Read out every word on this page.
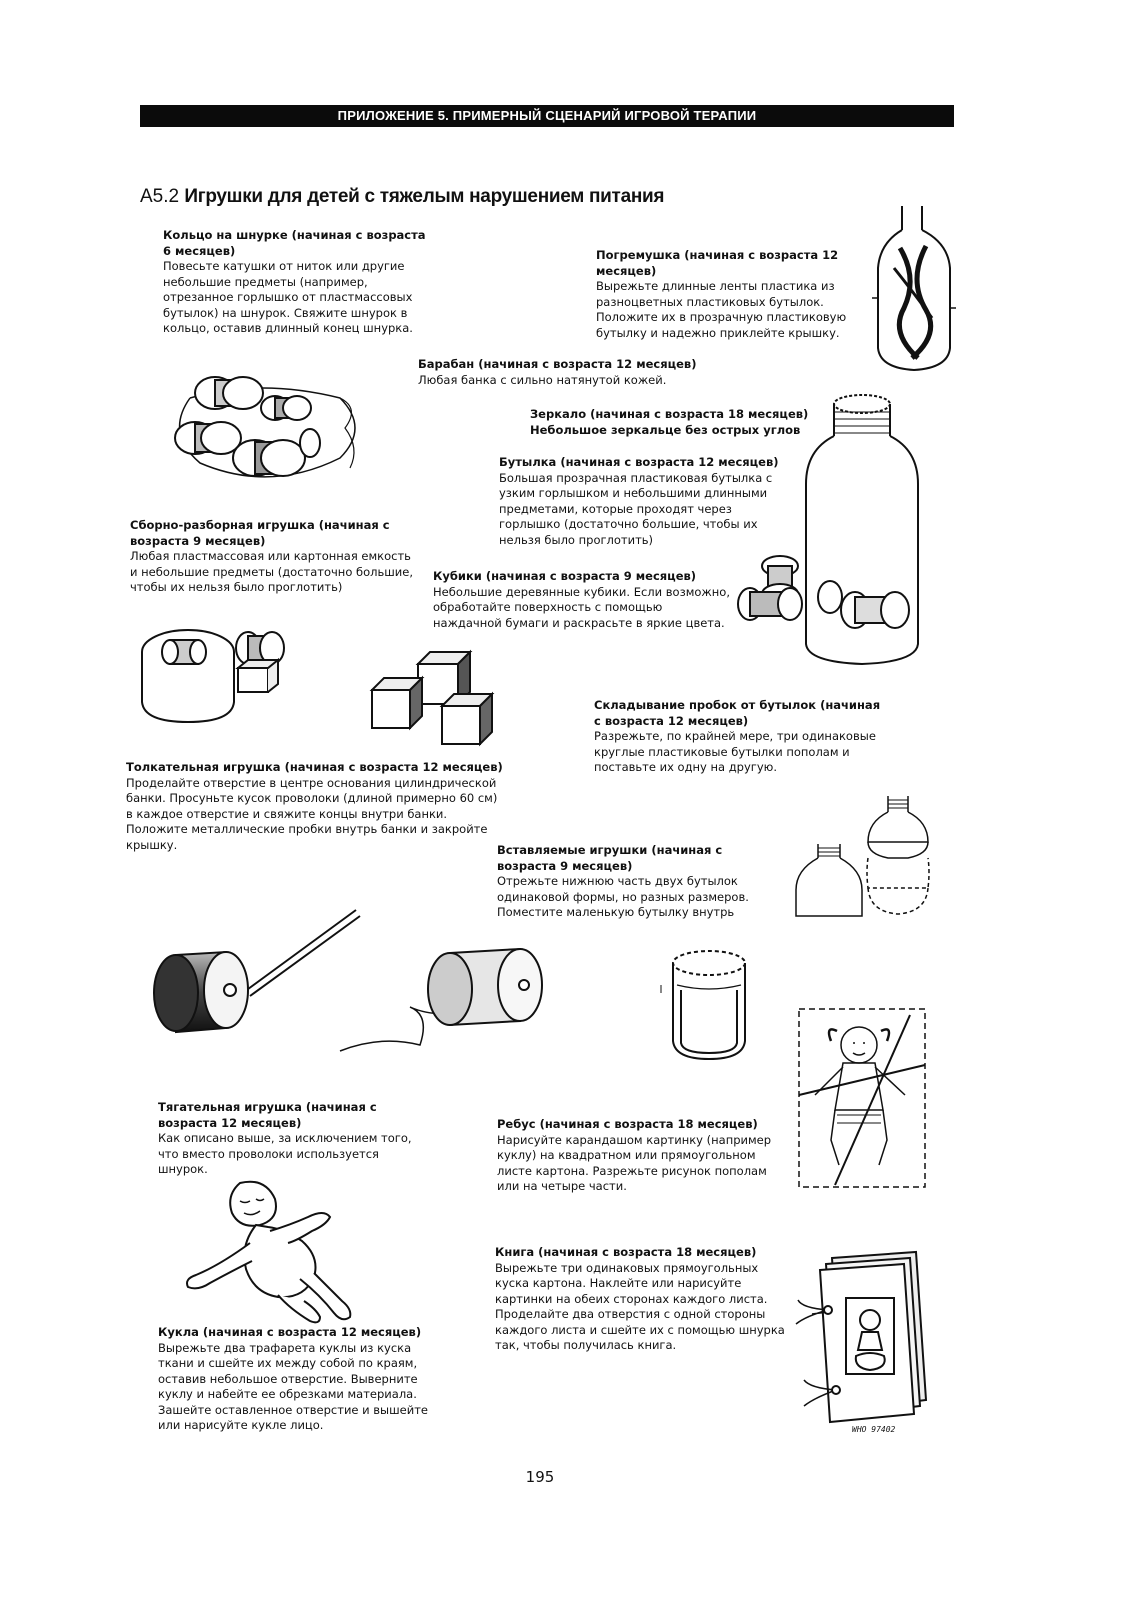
ПРИЛОЖЕНИЕ 5. ПРИМЕРНЫЙ СЦЕНАРИЙ ИГРОВОЙ ТЕРАПИИ
А5.2 Игрушки для детей с тяжелым нарушением питания
Кольцо на шнурке (начиная с возраста 6 месяцев)
Повесьте катушки от ниток или другие небольшие предметы (например, отрезанное горлышко от пластмассовых бутылок) на шнурок. Свяжите шнурок в кольцо, оставив длинный конец шнурка.
Погремушка (начиная с возраста 12 месяцев)
Вырежьте длинные ленты пластика из разноцветных пластиковых бутылок. Положите их в прозрачную пластиковую бутылку и надежно приклейте крышку.
Барабан (начиная с возраста 12 месяцев)
Любая банка с сильно натянутой кожей.
Зеркало (начиная с возраста 18 месяцев)
Небольшое зеркальце без острых углов
Бутылка (начиная с возраста 12 месяцев)
Большая прозрачная пластиковая бутылка с узким горлышком и небольшими длинными предметами, которые проходят через горлышко (достаточно большие, чтобы их нельзя было проглотить)
Сборно-разборная игрушка (начиная с возраста 9 месяцев)
Любая пластмассовая или картонная емкость и небольшие предметы (достаточно большие, чтобы их нельзя было проглотить)
Кубики (начиная с возраста 9 месяцев)
Небольшие деревянные кубики. Если возможно, обработайте поверхность с помощью наждачной бумаги и раскрасьте в яркие цвета.
Складывание пробок от бутылок (начиная с возраста 12 месяцев)
Разрежьте, по крайней мере, три одинаковые круглые пластиковые бутылки пополам и поставьте их одну на другую.
Толкательная игрушка (начиная с возраста 12 месяцев)
Проделайте отверстие в центре основания цилиндрической банки. Просуньте кусок проволоки (длиной примерно 60 см) в каждое отверстие и свяжите концы внутри банки. Положите металлические пробки внутрь банки и закройте крышку.	Вставляемые игрушки (начиная с возраста 9 месяцев)
Отрежьте нижнюю часть двух бутылок одинаковой формы, но разных размеров. Поместите маленькую бутылку внутрь
Тягательная игрушка (начиная с возраста 12 месяцев)
Как описано выше, за исключением того, что вместо проволоки используется шнурок.
Ребус (начиная с возраста 18 месяцев)
Нарисуйте карандашом картинку (например куклу) на квадратном или прямоугольном листе картона. Разрежьте рисунок пополам или на четыре части.
Книга (начиная с возраста 18 месяцев)
Вырежьте три одинаковых прямоугольных куска картона. Наклейте или нарисуйте картинки на обеих сторонах каждого листа. Проделайте два отверстия с одной стороны каждого листа и сшейте их с помощью шнурка так, чтобы получилась книга.
Кукла (начиная с возраста 12 месяцев)
Вырежьте два трафарета куклы из куска ткани и сшейте их между собой по краям, оставив небольшое отверстие. Выверните куклу и набейте ее обрезками материала. Зашейте оставленное отверстие и вышейте или нарисуйте кукле лицо.	WHO 97402
195
